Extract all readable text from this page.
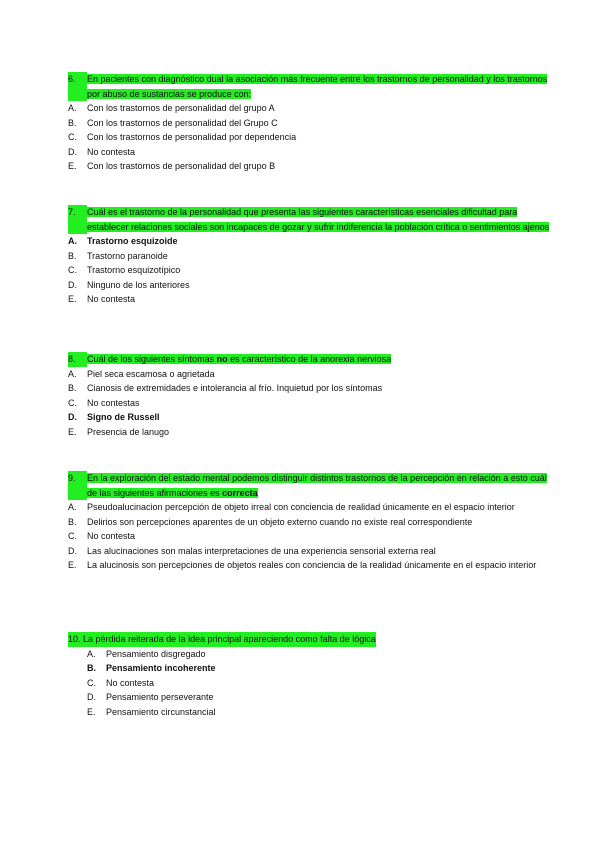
6.	En pacientes con diagnóstico dual la asociación más frecuente entre los trastornos de personalidad y los trastornos por abuso de sustancias se produce con:
A.	Con los trastornos de personalidad del grupo A
B.	Con los trastornos de personalidad del Grupo C
C.	Con los trastornos de personalidad por dependencia
D.	No contesta
E.	Con los trastornos de personalidad del grupo B
7.	Cuál es el trastorno de la personalidad que presenta las siguientes características esenciales dificultad para establecer relaciones sociales son incapaces de gozar y sufrir indiferencia la población crítica o sentimientos ajenos
A.	Trastorno esquizoide
B.	Trastorno paranoide
C.	Trastorno esquizotípico
D.	Ninguno de los anteriores
E.	No contesta
8.	Cuál de los siguientes síntomas no es característico de la anorexia nerviosa
A.	Piel seca escamosa o agrietada
B.	Cianosis de extremidades e intolerancia al frío. Inquietud por los síntomas
C.	No contestas
D.	Signo de Russell
E.	Presencia de lanugo
9.	En la exploración del estado mental podemos distinguir distintos trastornos de la percepción en relación a esto cuál de las siguientes afirmaciones es correcta
A.	Pseudoalucinacion percepción de objeto irreal con conciencia de realidad únicamente en el espacio interior
B.	Delirios son percepciones aparentes de un objeto externo cuando no existe real correspondiente
C.	No contesta
D.	Las alucinaciones son malas interpretaciones de una experiencia sensorial externa real
E.	La alucinosis son percepciones de objetos reales con conciencia de la realidad únicamente en el espacio interior
10.
La pérdida reiterada de la idea principal apareciendo como falta de lógica
A.	Pensamiento disgregado
B.	Pensamiento incoherente
C.	No contesta
D.	Pensamiento perseverante
E.	Pensamiento circunstancial
